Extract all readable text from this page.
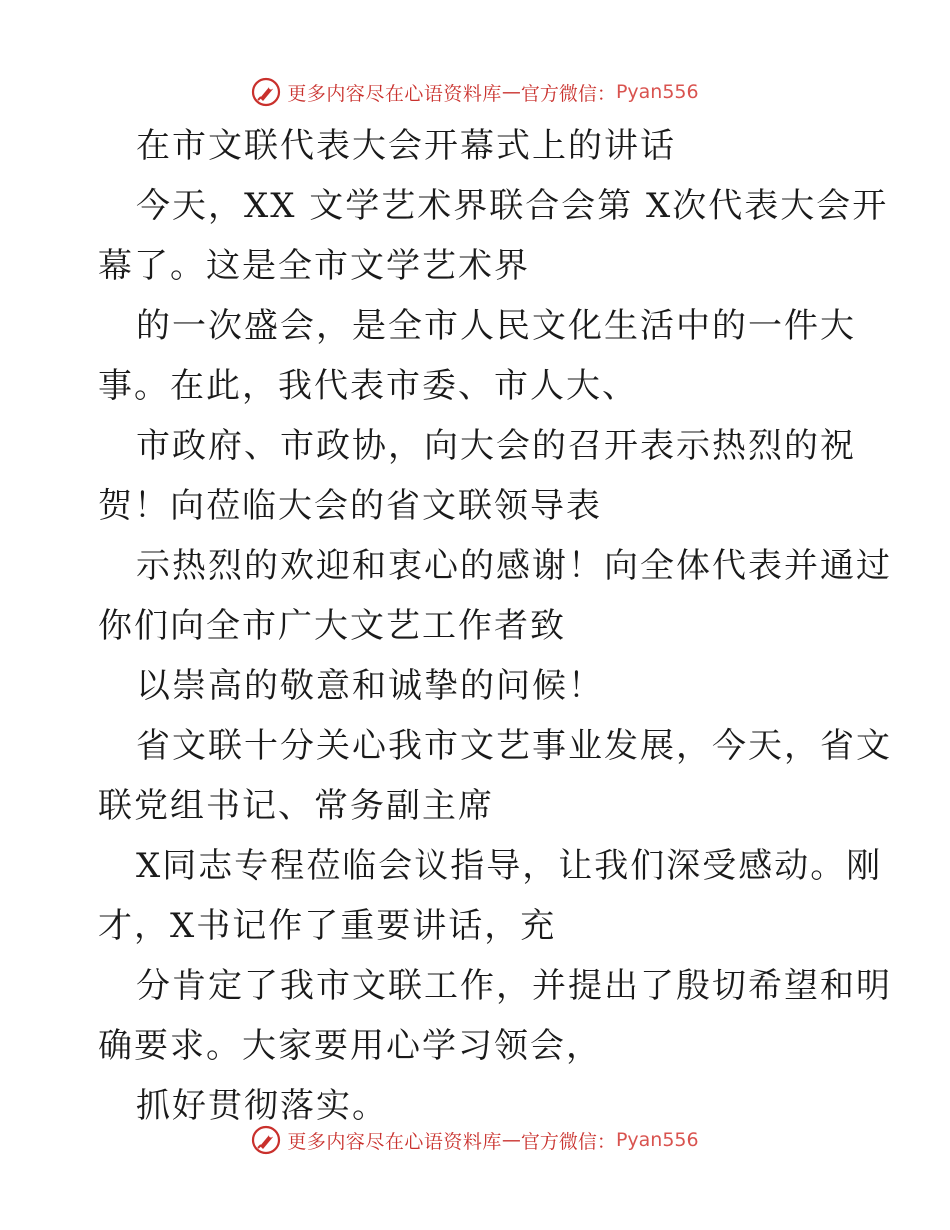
更多内容尽在心语资料库 — 官方微信： Pyan556
在市文联代表大会开幕式上的讲话
今天，XX 文学艺术界联合会第 X次代表大会开
幕了。这是全市文学艺术界
的一次盛会，是全市人民文化生活中的一件大
事。在此，我代表市委、市人大、
市政府、市政协，向大会的召开表示热烈的祝
贺！向莅临大会的省文联领导表
示热烈的欢迎和衷心的感谢！向全体代表并通过
你们向全市广大文艺工作者致
以崇高的敬意和诚挚的问候！
省文联十分关心我市文艺事业发展，今天，省文
联党组书记、常务副主席
X同志专程莅临会议指导，让我们深受感动。刚
才，X书记作了重要讲话，充
分肯定了我市文联工作，并提出了殷切希望和明
确要求。大家要用心学习领会，
抓好贯彻落实。
更多内容尽在心语资料库 — 官方微信： Pyan556
